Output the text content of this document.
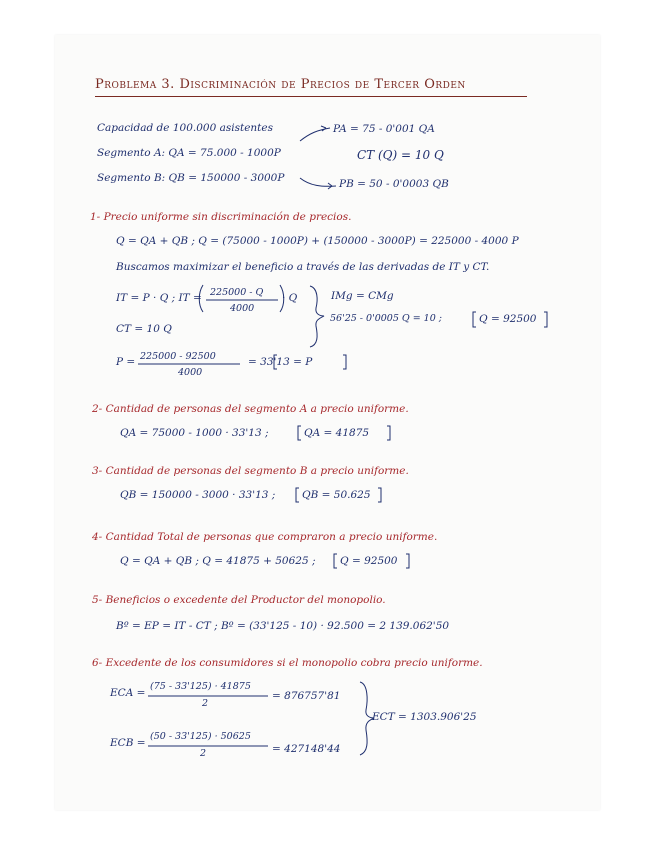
Problema 3. Discriminación de Precios de Tercer Orden
Capacidad de 100.000 asistentes
Segmento A: QA = 75.000 - 1000P
Segmento B: QB = 150000 - 3000P
PA = 75 - 0'001 QA
CT (Q) = 10 Q
PB = 50 - 0'0003 QB
1- Precio uniforme sin discriminación de precios.
Q = QA + QB ; Q = (75000 - 1000P) + (150000 - 3000P) = 225000 - 4000 P
Buscamos maximizar el beneficio a través de las derivadas de IT y CT.
IT = P · Q ; IT = 225000 - Q
4000
· Q
CT = 10 Q
IMg = CMg
56'25 - 0'0005 Q = 10 ;	Q = 92500
P = 225000 - 92500
4000
= 33'13 = P
2- Cantidad de personas del segmento A a precio uniforme.
QA = 75000 - 1000 · 33'13 ;	QA = 41875
3- Cantidad de personas del segmento B a precio uniforme.
QB = 150000 - 3000 · 33'13 ;	QB = 50.625
4- Cantidad Total de personas que compraron a precio uniforme.
Q = QA + QB ; Q = 41875 + 50625 ; Q = 92500
5- Beneficios o excedente del Productor del monopolio.
Bº = EP = IT - CT ; Bº = (33'125 - 10) · 92.500 = 2 139.062'50
6- Excedente de los consumidores si el monopolio cobra precio uniforme.
ECA =
(75 - 33'125) · 41875
2
= 876757'81
ECB =
(50 - 33'125) · 50625
2	= 427148'44
ECT = 1303.906'25
